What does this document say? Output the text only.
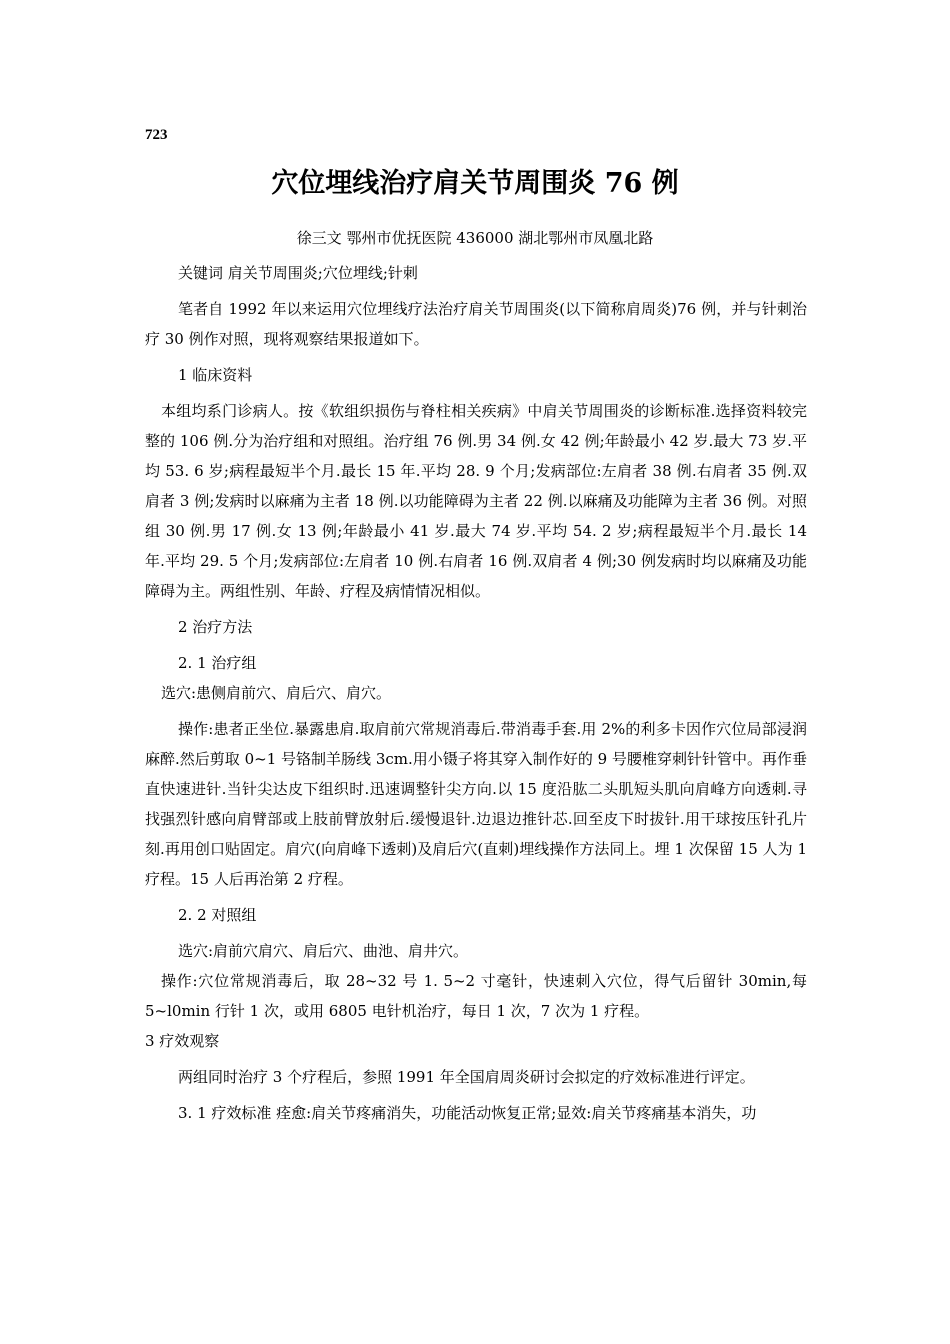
723
穴位埋线治疗肩关节周围炎 76 例
徐三文 鄂州市优抚医院 436000 湖北鄂州市凤凰北路

关键词 肩关节周围炎;穴位埋线;针刺

笔者自 1992 年以来运用穴位埋线疗法治疗肩关节周围炎(以下简称肩周炎)76 例，并与针刺治疗 30 例作对照，现将观察结果报道如下。

1 临床资料

本组均系门诊病人。按《软组织损伤与脊柱相关疾病》中肩关节周围炎的诊断标准.选择资料较完整的 106 例.分为治疗组和对照组。治疗组 76 例.男 34 例.女 42 例;年龄最小 42 岁.最大 73 岁.平均 53. 6 岁;病程最短半个月.最长 15 年.平均 28. 9 个月;发病部位:左肩者 38 例.右肩者 35 例.双肩者 3 例;发病时以麻痛为主者 18 例.以功能障碍为主者 22 例.以麻痛及功能障为主者 36 例。对照组 30 例.男 17 例.女 13 例;年龄最小 41 岁.最大 74 岁.平均 54. 2 岁;病程最短半个月.最长 14 年.平均 29. 5 个月;发病部位:左肩者 10 例.右肩者 16 例.双肩者 4 例;30 例发病时均以麻痛及功能障碍为主。两组性别、年龄、疗程及病情情况相似。

2 治疗方法

2. 1 治疗组

选穴:患侧肩前穴、肩后穴、肩穴。

操作:患者正坐位.暴露患肩.取肩前穴常规消毒后.带消毒手套.用 2%的利多卡因作穴位局部浸润麻醉.然后剪取 0~1 号铬制羊肠线 3cm.用小镊子将其穿入制作好的 9 号腰椎穿刺针针管中。再作垂直快速进针.当针尖达皮下组织时.迅速调整针尖方向.以 15 度沿肱二头肌短头肌向肩峰方向透刺.寻找强烈针感向肩臂部或上肢前臂放射后.缓慢退针.边退边推针芯.回至皮下时拔针.用干球按压针孔片刻.再用创口贴固定。肩穴(向肩峰下透刺)及肩后穴(直刺)埋线操作方法同上。埋 1 次保留 15 人为 1 疗程。15 人后再治第 2 疗程。

2. 2 对照组

选穴:肩前穴肩穴、肩后穴、曲池、肩井穴。

操作:穴位常规消毒后，取 28~32 号 1. 5~2 寸毫针，快速刺入穴位，得气后留针 30min,每 5~l0min 行针 1 次，或用 6805 电针机治疗，每日 1 次，7 次为 1 疗程。

3 疗效观察

两组同时治疗 3 个疗程后，参照 1991 年全国肩周炎研讨会拟定的疗效标准进行评定。

3. 1 疗效标准 痊愈:肩关节疼痛消失，功能活动恢复正常;显效:肩关节疼痛基本消失，功
